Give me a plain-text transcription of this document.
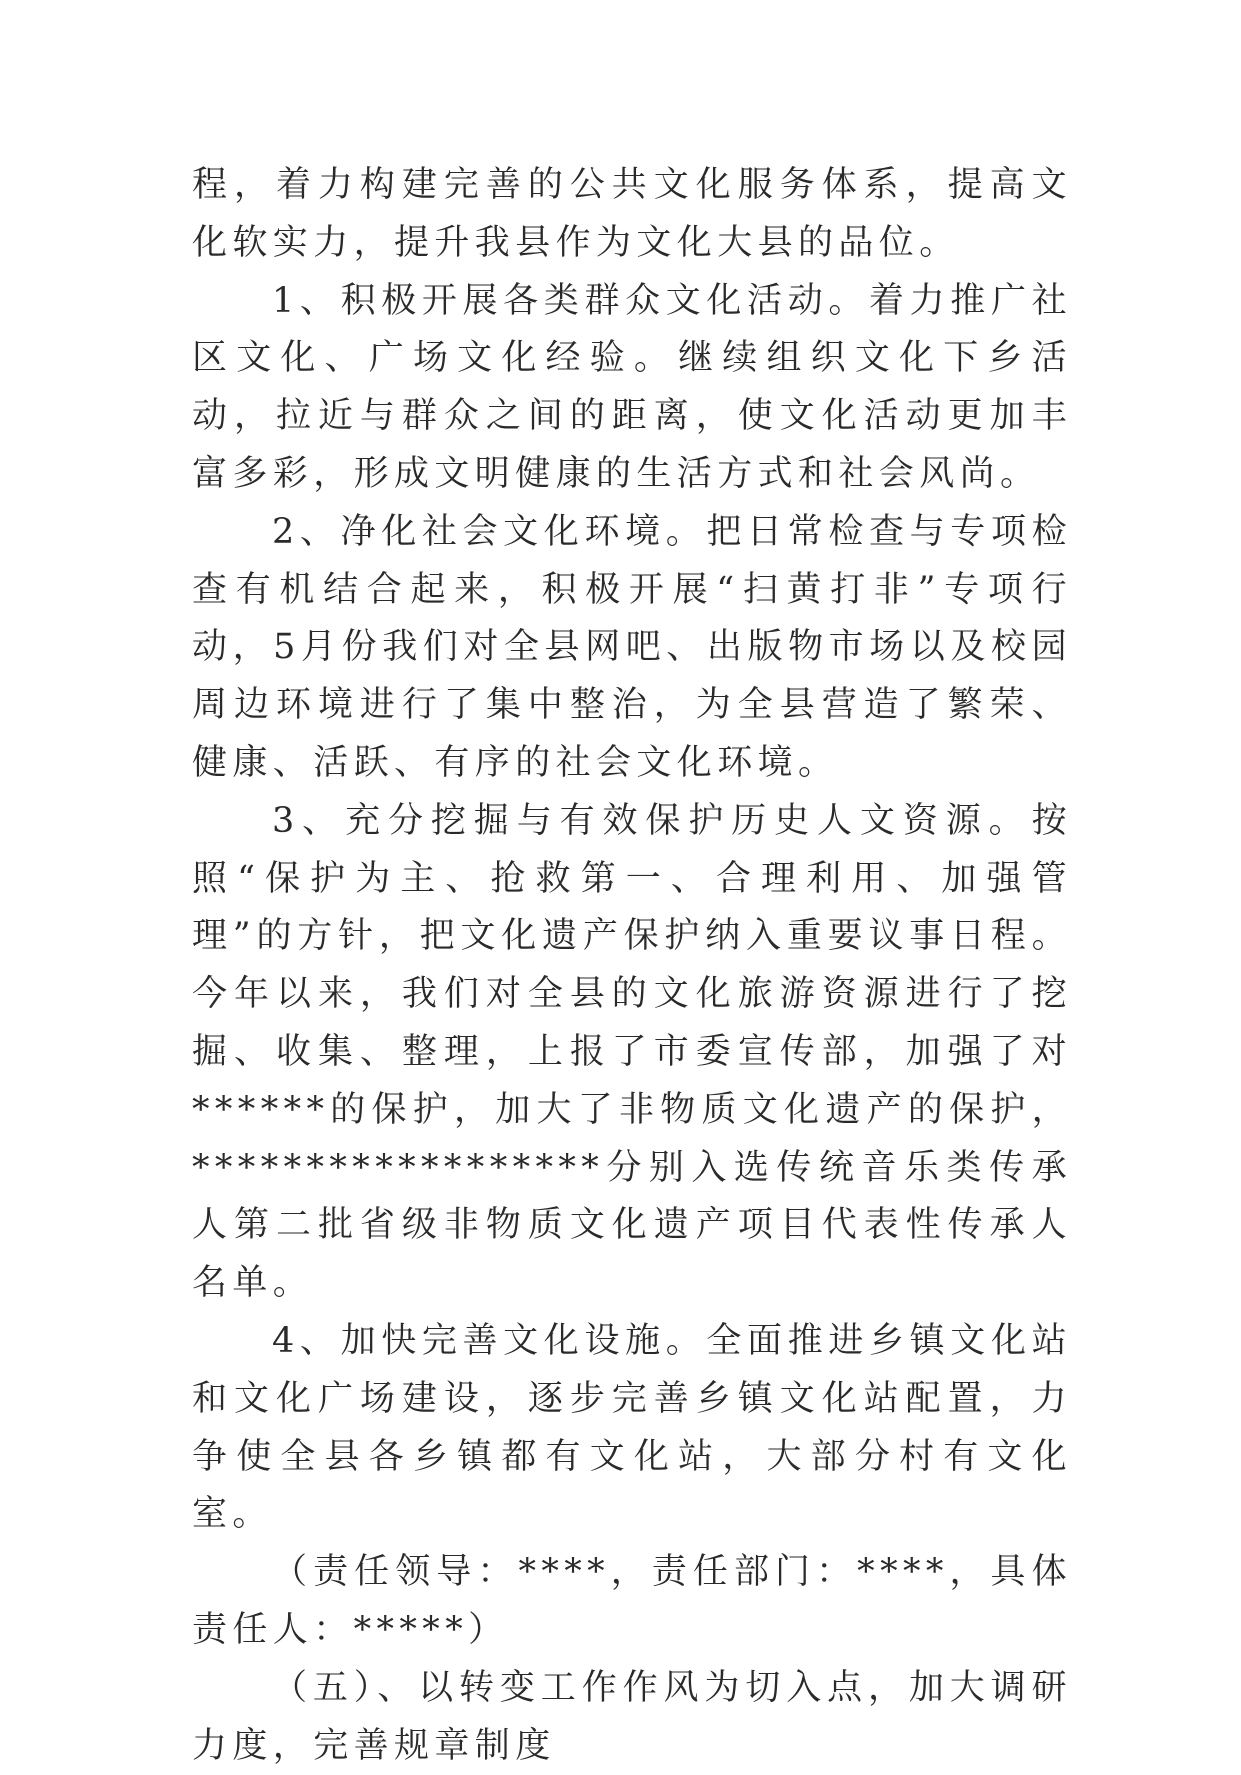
程，着力构建完善的公共文化服务体系，提高文化软实力，提升我县作为文化大县的品位。

1、积极开展各类群众文化活动。着力推广社区文化、广场文化经验。继续组织文化下乡活动，拉近与群众之间的距离，使文化活动更加丰富多彩，形成文明健康的生活方式和社会风尚。

2、净化社会文化环境。把日常检查与专项检查有机结合起来，积极开展“扫黄打非”专项行动，5月份我们对全县网吧、出版物市场以及校园周边环境进行了集中整治，为全县营造了繁荣、健康、活跃、有序的社会文化环境。

3、充分挖掘与有效保护历史人文资源。按照“保护为主、抢救第一、合理利用、加强管理”的方针，把文化遗产保护纳入重要议事日程。今年以来，我们对全县的文化旅游资源进行了挖掘、收集、整理，上报了市委宣传部，加强了对******的保护，加大了非物质文化遗产的保护，******************分别入选传统音乐类传承人第二批省级非物质文化遗产项目代表性传承人名单。

4、加快完善文化设施。全面推进乡镇文化站和文化广场建设，逐步完善乡镇文化站配置，力争使全县各乡镇都有文化站，大部分村有文化室。

（责任领导：****，责任部门：****，具体责任人：*****）

（五）、以转变工作作风为切入点，加大调研力度，完善规章制度
